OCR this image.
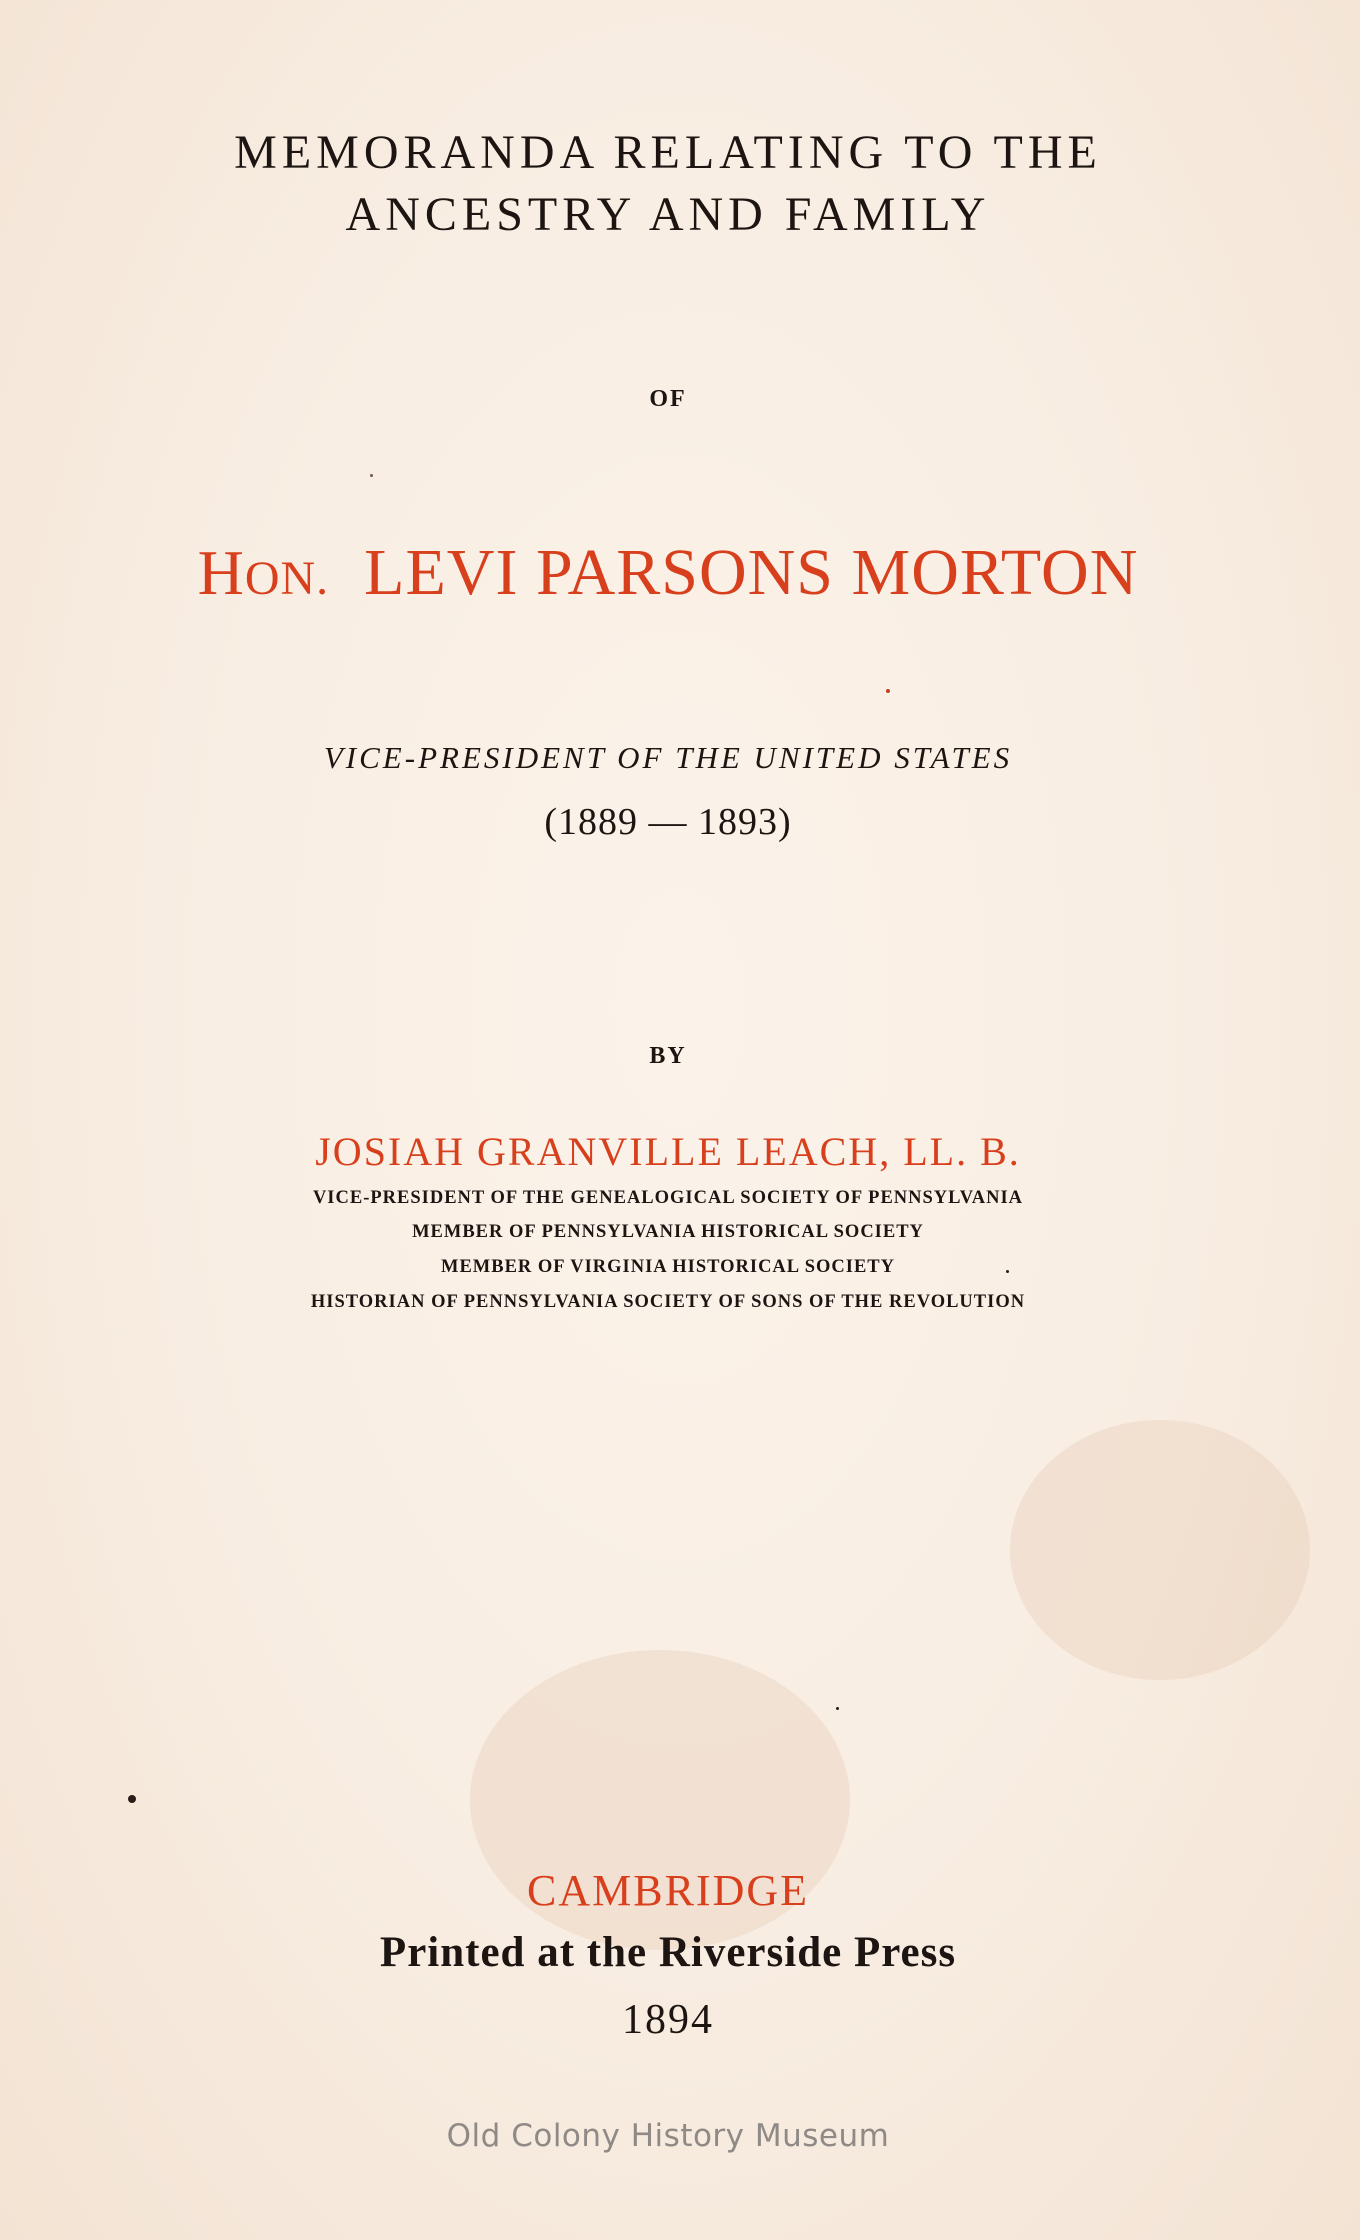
MEMORANDA RELATING TO THE
ANCESTRY AND FAMILY
OF
HON. LEVI PARSONS MORTON
VICE-PRESIDENT OF THE UNITED STATES
(1889 — 1893)
BY
JOSIAH GRANVILLE LEACH, LL. B.
VICE-PRESIDENT OF THE GENEALOGICAL SOCIETY OF PENNSYLVANIA
MEMBER OF PENNSYLVANIA HISTORICAL SOCIETY
MEMBER OF VIRGINIA HISTORICAL SOCIETY
HISTORIAN OF PENNSYLVANIA SOCIETY OF SONS OF THE REVOLUTION
CAMBRIDGE
Printed at the Riverside Press
1894
Old Colony History Museum
